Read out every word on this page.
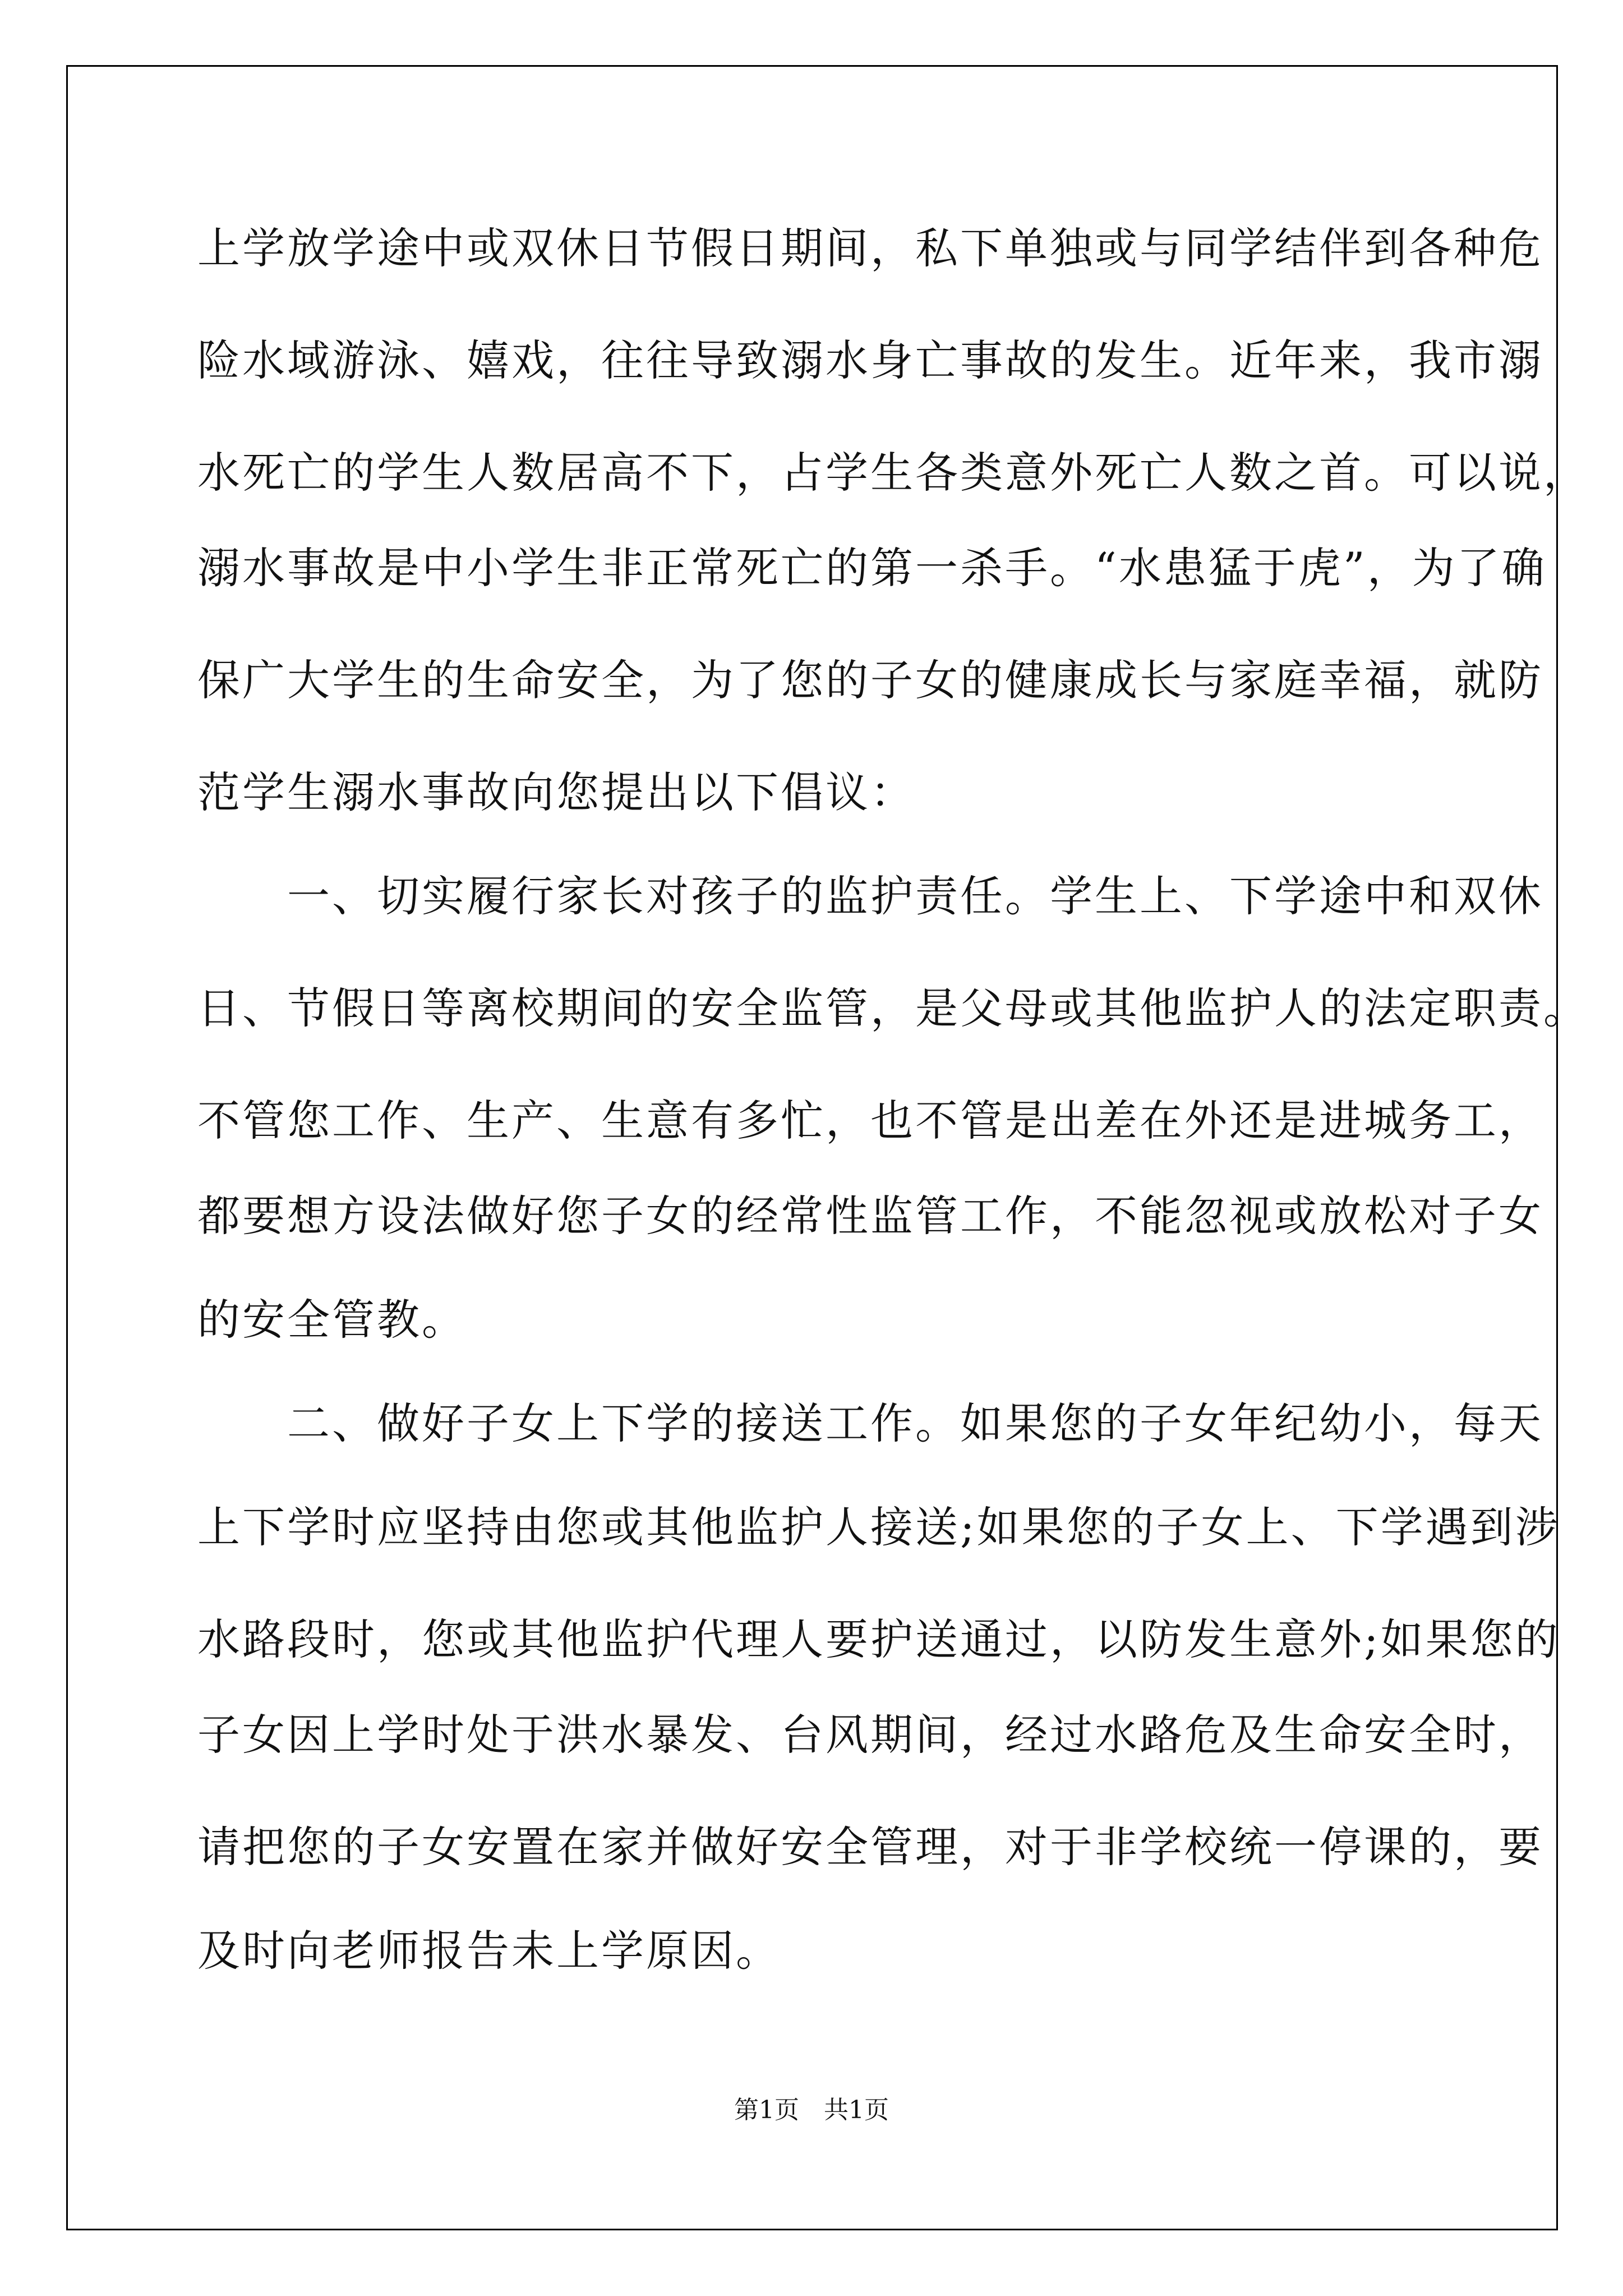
上学放学途中或双休日节假日期间，私下单独或与同学结伴到各种危

险水域游泳、嬉戏，往往导致溺水身亡事故的发生。近年来，我市溺

水死亡的学生人数居高不下，占学生各类意外死亡人数之首。可以说，

溺水事故是中小学生非正常死亡的第一杀手。“水患猛于虎”，为了确

保广大学生的生命安全，为了您的子女的健康成长与家庭幸福，就防

范学生溺水事故向您提出以下倡议：

　　一、切实履行家长对孩子的监护责任。学生上、下学途中和双休

日、节假日等离校期间的安全监管，是父母或其他监护人的法定职责。

不管您工作、生产、生意有多忙，也不管是出差在外还是进城务工，

都要想方设法做好您子女的经常性监管工作，不能忽视或放松对子女

的安全管教。

　　二、做好子女上下学的接送工作。如果您的子女年纪幼小，每天

上下学时应坚持由您或其他监护人接送;如果您的子女上、下学遇到涉

水路段时，您或其他监护代理人要护送通过，以防发生意外;如果您的

子女因上学时处于洪水暴发、台风期间，经过水路危及生命安全时，

请把您的子女安置在家并做好安全管理，对于非学校统一停课的，要

及时向老师报告未上学原因。

第1页　共1页
